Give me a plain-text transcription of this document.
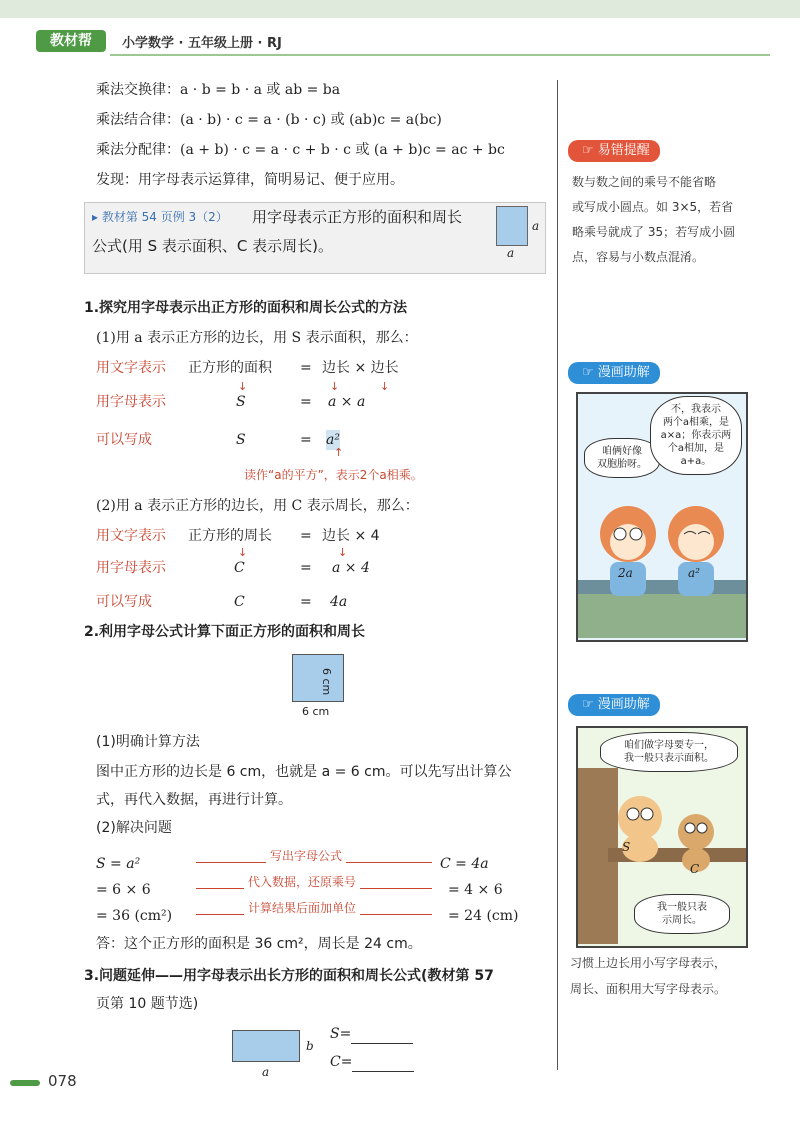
教材帮	小学数学 · 五年级上册 · RJ
乘法交换律：a · b = b · a 或 ab = ba
乘法结合律：(a · b) · c = a · (b · c) 或 (ab)c = a(bc)
乘法分配律：(a + b) · c = a · c + b · c 或 (a + b)c = ac + bc
发现：用字母表示运算律，简明易记、便于应用。
▸ 教材第 54 页例 3（2） 用字母表示正方形的面积和周长
公式(用 S 表示面积、C 表示周长)。
a
a
1.探究用字母表示出正方形的面积和周长公式的方法
(1)用 a 表示正方形的边长，用 S 表示面积，那么：
用文字表示 正方形的面积 = 边长 × 边长
↓	↓	↓
用字母表示	S	= a × a
可以写成	S	= a²
↑
读作“a的平方”，表示2个a相乘。
(2)用 a 表示正方形的边长，用 C 表示周长，那么：
用文字表示 正方形的周长 = 边长 × 4
↓	↓
用字母表示	C	= a × 4
可以写成	C	= 4a
2.利用字母公式计算下面正方形的面积和周长
6 cm
6 cm
(1)明确计算方法
图中正方形的边长是 6 cm，也就是 a = 6 cm。可以先写出计算公
式，再代入数据，再进行计算。
(2)解决问题
S = a²
= 6 × 6
= 36 (cm²)
写出字母公式
代入数据，还原乘号
计算结果后面加单位
C = 4a
= 4 × 6
= 24 (cm)
答：这个正方形的面积是 36 cm²，周长是 24 cm。
3.问题延伸——用字母表示出长方形的面积和周长公式(教材第 57
页第 10 题节选)
b
a
S=
C=
☞ 易错提醒
数与数之间的乘号不能省略
或写成小圆点。如 3×5，若省
略乘号就成了 35；若写成小圆
点，容易与小数点混淆。
☞ 漫画助解
咱俩好像
双胞胎呀。
不，我表示
两个a相乘，是
a×a；你表示两
个a相加，是
a+a。
2a	a²
☞ 漫画助解
咱们做字母要专一，
我一般只表示面积。
S
C
我一般只表
示周长。
习惯上边长用小写字母表示，
周长、面积用大写字母表示。
078
